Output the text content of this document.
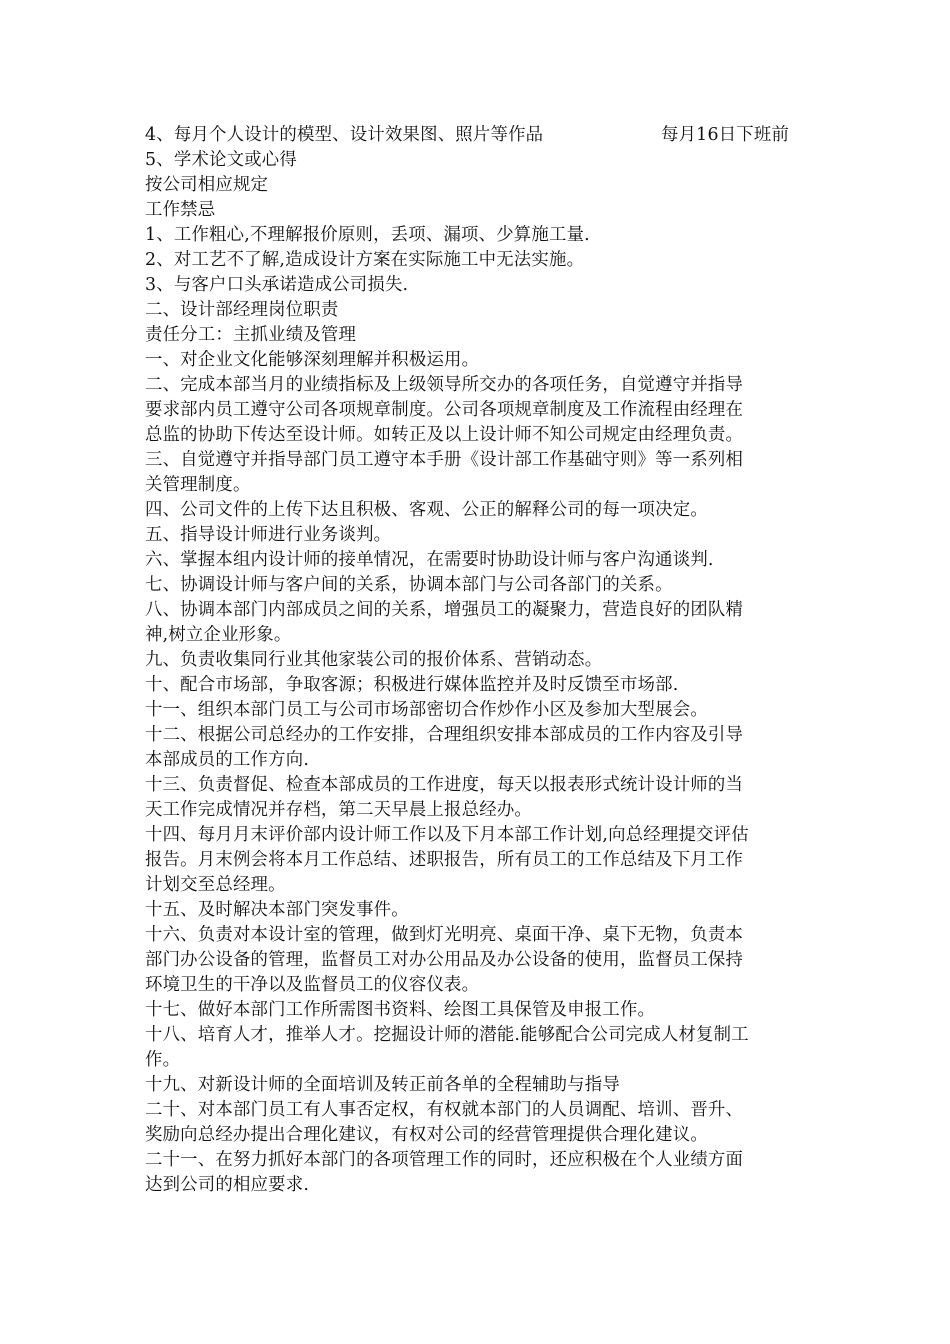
4、每月个人设计的模型、设计效果图、照片等作品	每月16日下班前
5、学术论文或心得
按公司相应规定
工作禁忌
1、工作粗心,不理解报价原则，丢项、漏项、少算施工量.
2、对工艺不了解,造成设计方案在实际施工中无法实施。
3、与客户口头承诺造成公司损失.
二、设计部经理岗位职责
责任分工：主抓业绩及管理
一、对企业文化能够深刻理解并积极运用。
二、完成本部当月的业绩指标及上级领导所交办的各项任务，自觉遵守并指导
要求部内员工遵守公司各项规章制度。公司各项规章制度及工作流程由经理在
总监的协助下传达至设计师。如转正及以上设计师不知公司规定由经理负责。
三、自觉遵守并指导部门员工遵守本手册《设计部工作基础守则》等一系列相
关管理制度。
四、公司文件的上传下达且积极、客观、公正的解释公司的每一项决定。
五、指导设计师进行业务谈判。
六、掌握本组内设计师的接单情况，在需要时协助设计师与客户沟通谈判.
七、协调设计师与客户间的关系，协调本部门与公司各部门的关系。
八、协调本部门内部成员之间的关系，增强员工的凝聚力，营造良好的团队精
神,树立企业形象。
九、负责收集同行业其他家装公司的报价体系、营销动态。
十、配合市场部，争取客源；积极进行媒体监控并及时反馈至市场部.
十一、组织本部门员工与公司市场部密切合作炒作小区及参加大型展会。
十二、根据公司总经办的工作安排，合理组织安排本部成员的工作内容及引导
本部成员的工作方向.
十三、负责督促、检查本部成员的工作进度，每天以报表形式统计设计师的当
天工作完成情况并存档，第二天早晨上报总经办。
十四、每月月末评价部内设计师工作以及下月本部工作计划,向总经理提交评估
报告。月末例会将本月工作总结、述职报告，所有员工的工作总结及下月工作
计划交至总经理。
十五、及时解决本部门突发事件。
十六、负责对本设计室的管理，做到灯光明亮、桌面干净、桌下无物，负责本
部门办公设备的管理，监督员工对办公用品及办公设备的使用，监督员工保持
环境卫生的干净以及监督员工的仪容仪表。
十七、做好本部门工作所需图书资料、绘图工具保管及申报工作。
十八、培育人才，推举人才。挖掘设计师的潜能.能够配合公司完成人材复制工
作。
十九、对新设计师的全面培训及转正前各单的全程辅助与指导
二十、对本部门员工有人事否定权，有权就本部门的人员调配、培训、晋升、
奖励向总经办提出合理化建议，有权对公司的经营管理提供合理化建议。
二十一、在努力抓好本部门的各项管理工作的同时，还应积极在个人业绩方面
达到公司的相应要求.
